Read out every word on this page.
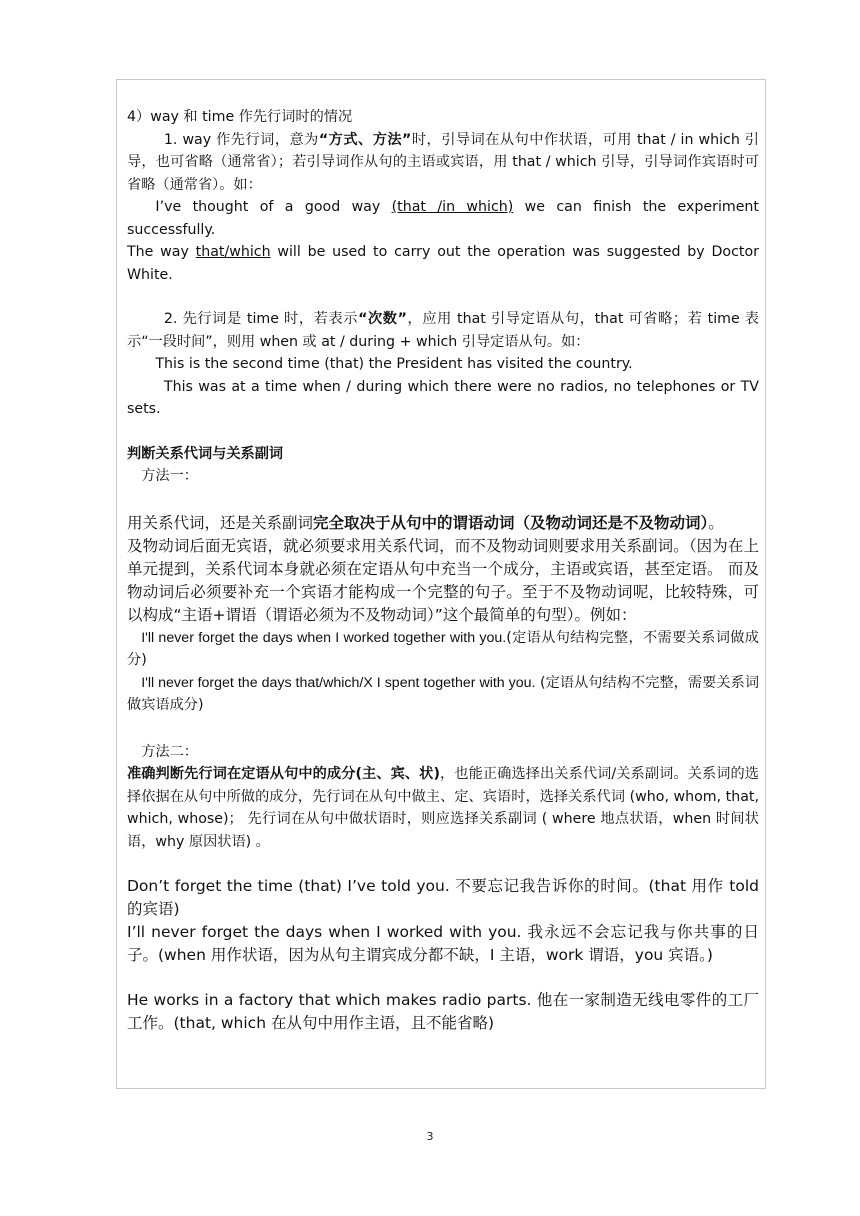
4）way 和 time 作先行词时的情况

1. way 作先行词，意为“方式、方法”时，引导词在从句中作状语，可用 that / in which 引导，也可省略（通常省）；若引导词作从句的主语或宾语，用 that / which 引导，引导词作宾语时可省略（通常省）。如：

I’ve thought of a good way (that /in which) we can finish the experiment successfully.

The way that/which will be used to carry out the operation was suggested by Doctor White.

2. 先行词是 time 时，若表示“次数”，应用 that 引导定语从句，that 可省略；若 time 表示“一段时间”，则用 when 或 at / during + which 引导定语从句。如：

This is the second time (that) the President has visited the country.

This was at a time when / during which there were no radios, no telephones or TV sets.

判断关系代词与关系副词

方法一：

用关系代词，还是关系副词完全取决于从句中的谓语动词（及物动词还是不及物动词）。

及物动词后面无宾语，就必须要求用关系代词，而不及物动词则要求用关系副词。（因为在上单元提到，关系代词本身就必须在定语从句中充当一个成分，主语或宾语，甚至定语。 而及物动词后必须要补充一个宾语才能构成一个完整的句子。至于不及物动词呢，比较特殊，可以构成“主语+谓语（谓语必须为不及物动词）”这个最简单的句型）。例如：

I'll never forget the days when I worked together with you.(定语从句结构完整，不需要关系词做成分)

I'll never forget the days that/which/X I spent together with you. (定语从句结构不完整，需要关系词做宾语成分)

方法二：

准确判断先行词在定语从句中的成分(主、宾、状)，也能正确选择出关系代词/关系副词。关系词的选择依据在从句中所做的成分，先行词在从句中做主、定、宾语时，选择关系代词 (who, whom, that, which, whose)； 先行词在从句中做状语时，则应选择关系副词 ( where 地点状语，when 时间状语，why 原因状语) 。

Don’t forget the time (that) I’ve told you. 不要忘记我告诉你的时间。(that 用作 told 的宾语)

I’ll never forget the days when I worked with you. 我永远不会忘记我与你共事的日子。(when 用作状语，因为从句主谓宾成分都不缺，I 主语，work 谓语，you 宾语。)

He works in a factory that which makes radio parts. 他在一家制造无线电零件的工厂工作。(that, which 在从句中用作主语，且不能省略)

3
